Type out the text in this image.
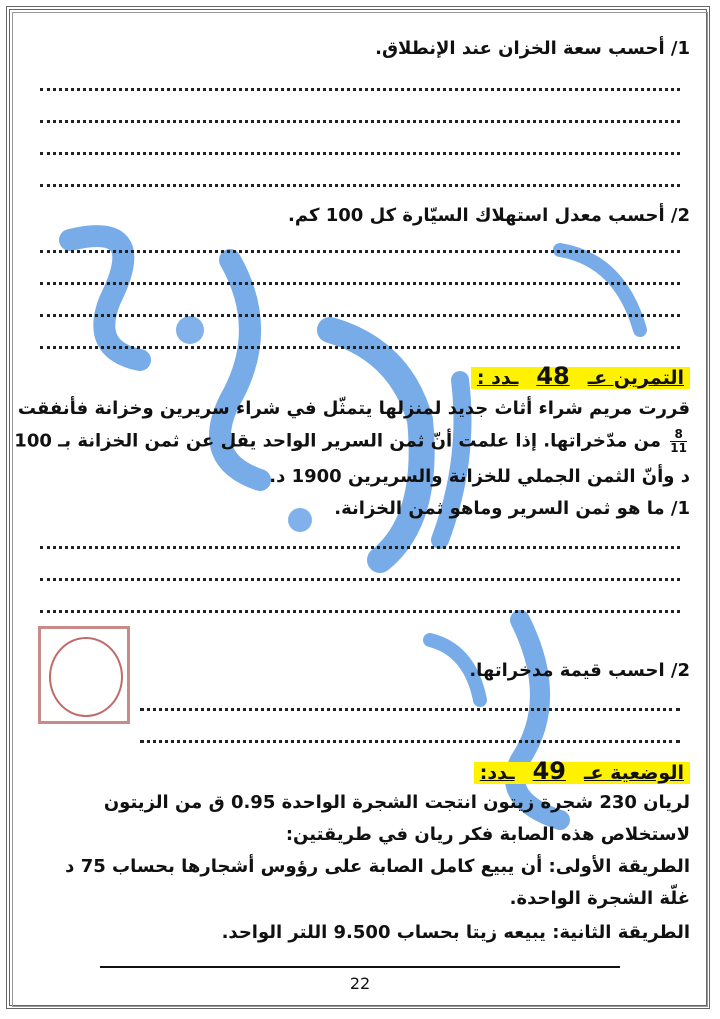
1/ أحسب سعة الخزان عند الإنطلاق.
2/ أحسب معدل استهلاك السيّارة كل 100 كم.
التمرين عـ48ـدد :
قررت مريم شراء أثاث جديد لمنزلها يتمثّل في شراء سريرين وخزانة فأنفقت
$\frac{8}{11}$
من مدّخراتها. إذا علمت أنّ ثمن السرير الواحد يقل عن ثمن الخزانة بـ 100
د وأنّ الثمن الجملي للخزانة والسريرين 1900 د.
1/ ما هو ثمن السرير وماهو ثمن الخزانة.
2/ احسب قيمة مدخراتها.
الوضعية عـ49ـدد:
لريان 230 شجرة زيتون انتجت الشجرة الواحدة 0.95 ق من الزيتون
لاستخلاص هذه الصابة فكر ريان في طريقتين:
الطريقة الأولى: أن يبيع كامل الصابة على رؤوس أشجارها بحساب 75 د
غلّة الشجرة الواحدة.
الطريقة الثانية: يبيعه زيتا بحساب 9.500 اللتر الواحد.
22
